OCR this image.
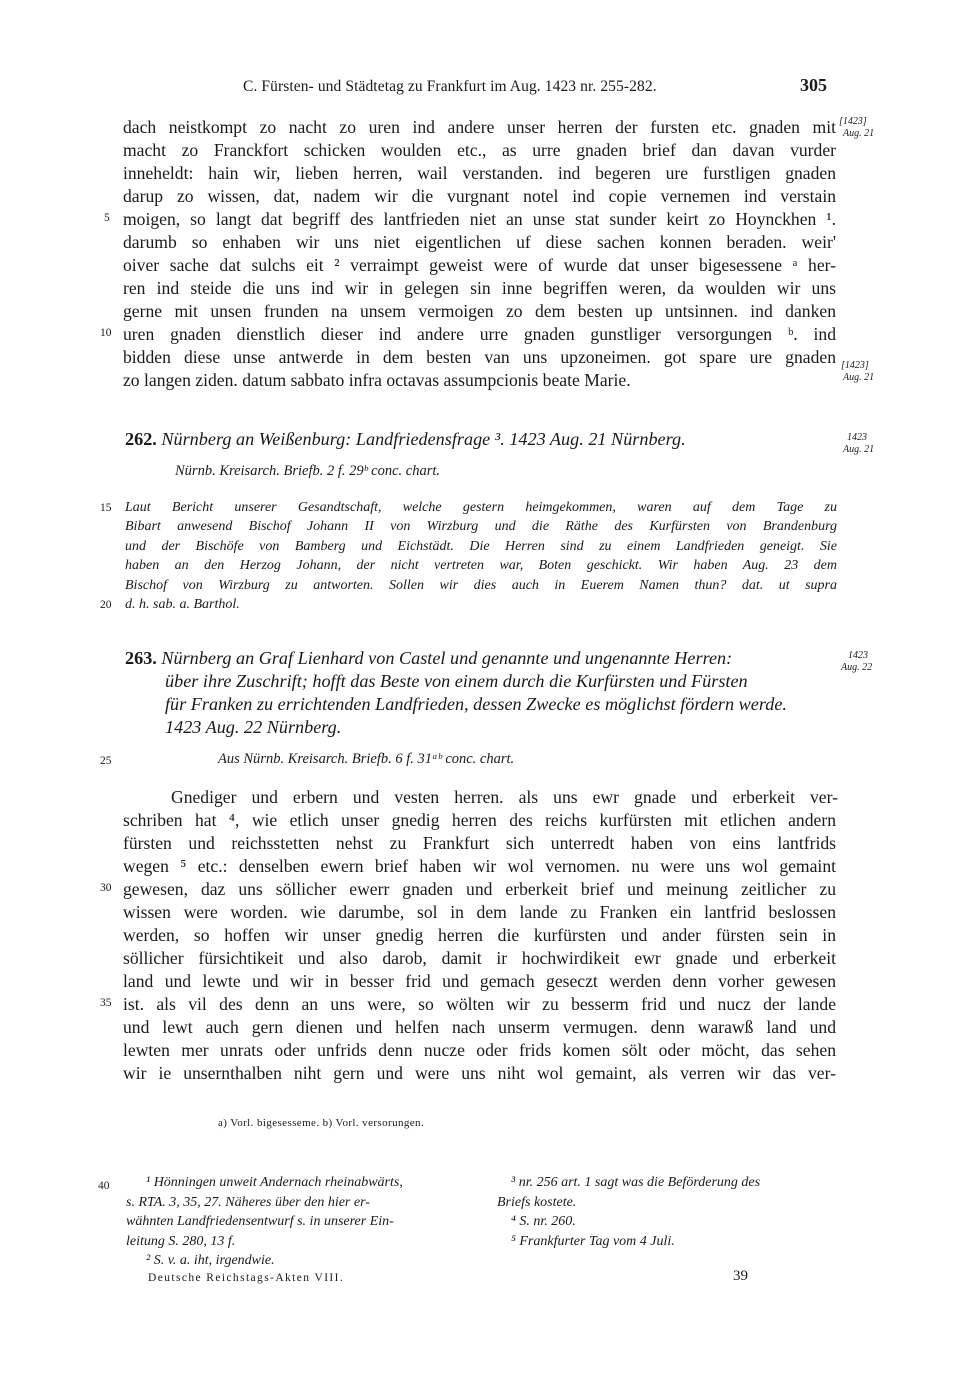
C. Fürsten- und Städtetag zu Frankfurt im Aug. 1423 nr. 255-282.	305
dach neistkompt zo nacht zo uren ind andere unser herren der fursten etc. gnaden mit
macht zo Franckfort schicken woulden etc., as urre gnaden brief dan davan vurder
inneheldt: hain wir, lieben herren, wail verstanden. ind begeren ure furstligen gnaden
darup zo wissen, dat, nadem wir die vurgnant notel ind copie vernemen ind verstain
moigen, so langt dat begriff des lantfrieden niet an unse stat sunder keirt zo Hoynckhen ¹.
darumb so enhaben wir uns niet eigentlichen uf diese sachen konnen beraden. weir'
oiver sache dat sulchs eit ² verraimpt geweist were of wurde dat unser bigesessene ᵃ her-
ren ind steide die uns ind wir in gelegen sin inne begriffen weren, da woulden wir uns
gerne mit unsen frunden na unsem vermoigen zo dem besten up untsinnen. ind danken
uren gnaden dienstlich dieser ind andere urre gnaden gunstliger versorgungen ᵇ. ind
bidden diese unse antwerde in dem besten van uns upzoneimen. got spare ure gnaden
zo langen ziden. datum sabbato infra octavas assumpcionis beate Marie.
5
10
[1423]
Aug. 21
[1423]
Aug. 21
262. Nürnberg an Weißenburg: Landfriedensfrage ³. 1423 Aug. 21 Nürnberg.	1423
Aug. 21
Nürnb. Kreisarch. Briefb. 2 f. 29ᵇ conc. chart.
Laut Bericht unserer Gesandtschaft, welche gestern heimgekommen, waren auf dem Tage zu
Bibart anwesend Bischof Johann II von Wirzburg und die Räthe des Kurfürsten von Brandenburg
und der Bischöfe von Bamberg und Eichstädt. Die Herren sind zu einem Landfrieden geneigt. Sie
haben an den Herzog Johann, der nicht vertreten war, Boten geschickt. Wir haben Aug. 23 dem
Bischof von Wirzburg zu antworten. Sollen wir dies auch in Euerem Namen thun? dat. ut supra
d. h. sab. a. Barthol.
15
20
263. Nürnberg an Graf Lienhard von Castel und genannte und ungenannte Herren:
über ihre Zuschrift; hofft das Beste von einem durch die Kurfürsten und Fürsten
für Franken zu errichtenden Landfrieden, dessen Zwecke es möglichst fördern werde.
1423 Aug. 22 Nürnberg.
1423
Aug. 22
Aus Nürnb. Kreisarch. Briefb. 6 f. 31ᵃᵇ conc. chart.
Gnediger und erbern und vesten herren. als uns ewr gnade und erberkeit ver-
schriben hat ⁴, wie etlich unser gnedig herren des reichs kurfürsten mit etlichen andern
fürsten und reichsstetten nehst zu Frankfurt sich unterredt haben von eins lantfrids
wegen ⁵ etc.: denselben ewern brief haben wir wol vernomen. nu were uns wol gemaint
gewesen, daz uns söllicher ewerr gnaden und erberkeit brief und meinung zeitlicher zu
wissen were worden. wie darumbe, sol in dem lande zu Franken ein lantfrid beslossen
werden, so hoffen wir unser gnedig herren die kurfürsten und ander fürsten sein in
söllicher fürsichtikeit und also darob, damit ir hochwirdikeit ewr gnade und erberkeit
land und lewte und wir in besser frid und gemach geseczt werden denn vorher gewesen
ist. als vil des denn an uns were, so wölten wir zu besserm frid und nucz der lande
und lewt auch gern dienen und helfen nach unserm vermugen. denn warawß land und
lewten mer unrats oder unfrids denn nucze oder frids komen sölt oder möcht, das sehen
wir ie unsernthalben niht gern und were uns niht wol gemaint, als verren wir das ver-
25
30
35
a) Vorl. bigesesseme. b) Vorl. versorungen.
40	¹ Hönningen unweit Andernach rheinabwärts,
s. RTA. 3, 35, 27. Näheres über den hier er-
wähnten Landfriedensentwurf s. in unserer Ein-
leitung S. 280, 13 f.
² S. v. a. iht, irgendwie.
³ nr. 256 art. 1 sagt was die Beförderung des
Briefs kostete.
⁴ S. nr. 260.
⁵ Frankfurter Tag vom 4 Juli.
Deutsche Reichstags-Akten VIII.	39
